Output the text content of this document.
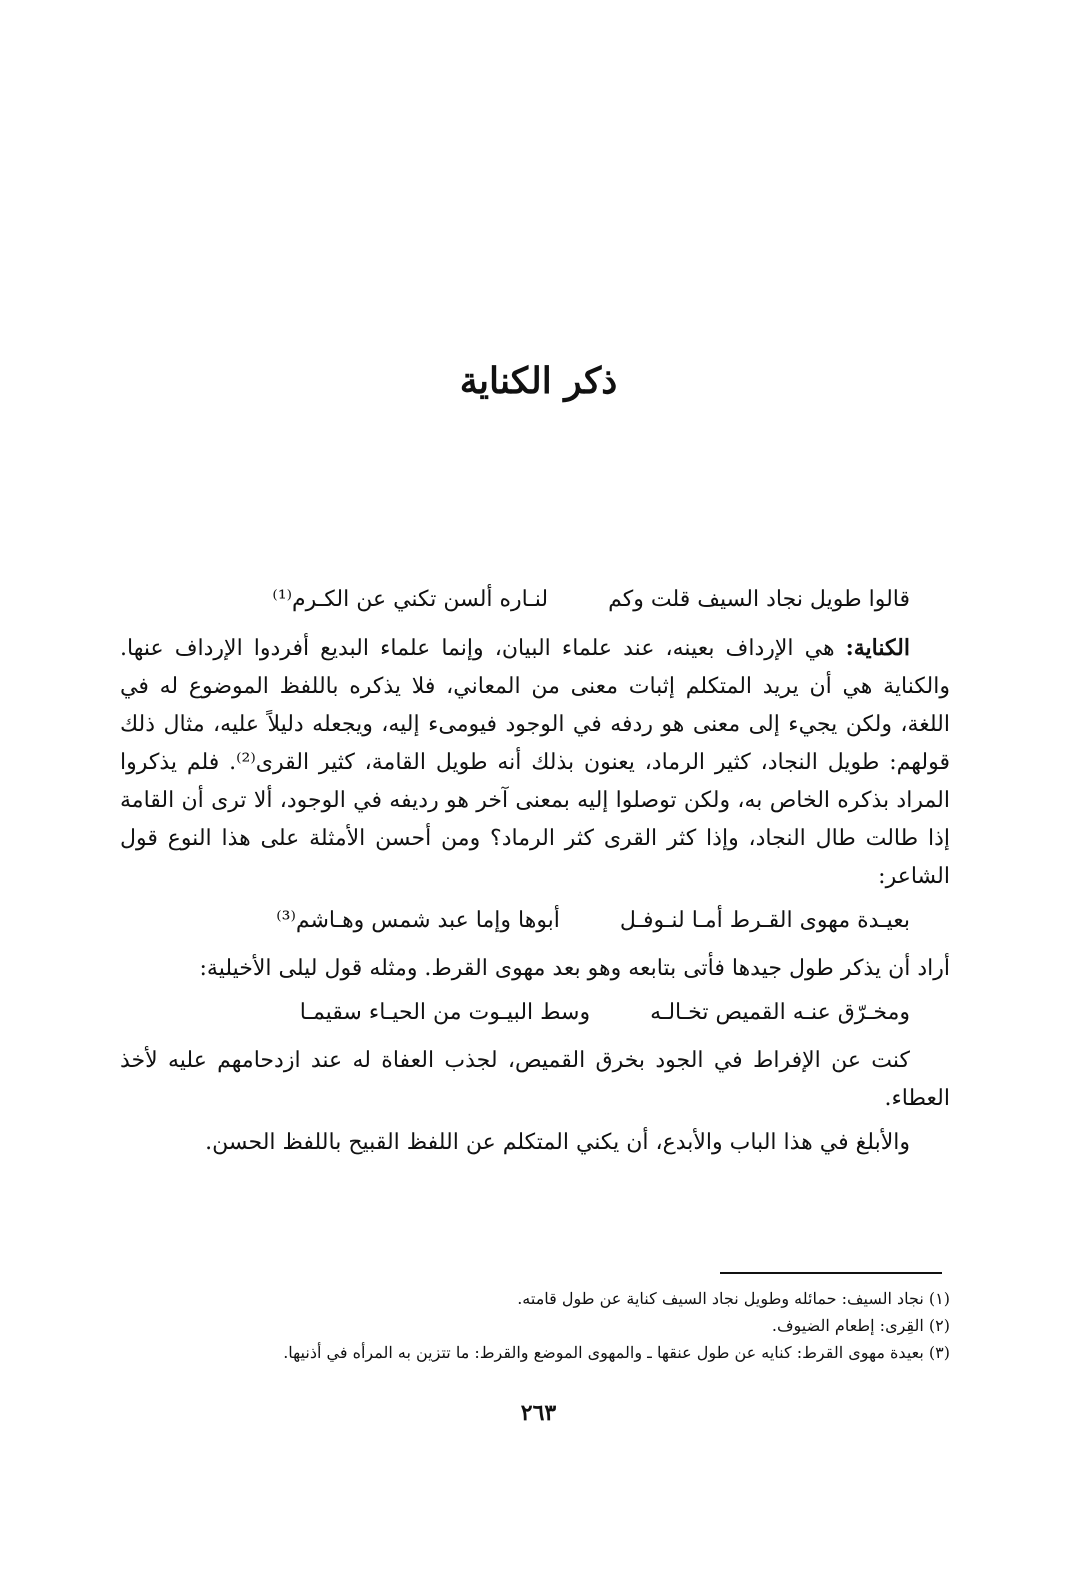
ذكر الكناية
قالوا طويل نجاد السيف قلت وكم
لنـاره ألسن تكني عن الكـرم⁽¹⁾

الكناية: هي الإرداف بعينه، عند علماء البيان، وإنما علماء البديع أفردوا الإرداف عنها. والكناية هي أن يريد المتكلم إثبات معنى من المعاني، فلا يذكره باللفظ الموضوع له في اللغة، ولكن يجيء إلى معنى هو ردفه في الوجود فيومىء إليه، ويجعله دليلاً عليه، مثال ذلك قولهم: طويل النجاد، كثير الرماد، يعنون بذلك أنه طويل القامة، كثير القرى⁽²⁾. فلم يذكروا المراد بذكره الخاص به، ولكن توصلوا إليه بمعنى آخر هو رديفه في الوجود، ألا ترى أن القامة إذا طالت طال النجاد، وإذا كثر القرى كثر الرماد؟ ومن أحسن الأمثلة على هذا النوع قول الشاعر:

بعيـدة مهوى القـرط أمـا لنـوفـل
أبوها وإما عبد شمس وهـاشم⁽³⁾

أراد أن يذكر طول جيدها فأتى بتابعه وهو بعد مهوى القرط. ومثله قول ليلى الأخيلية:

ومخـرّق عنـه القميص تخـالـه
وسط البيـوت من الحيـاء سقيمـا

كنت عن الإفراط في الجود بخرق القميص، لجذب العفاة له عند ازدحامهم عليه لأخذ العطاء.

والأبلغ في هذا الباب والأبدع، أن يكني المتكلم عن اللفظ القبيح باللفظ الحسن.

(١) نجاد السيف: حمائله وطويل نجاد السيف كناية عن طول قامته.

(٢) القِرى: إطعام الضيوف.

(٣) بعيدة مهوى القرط: كنايه عن طول عنقها ـ والمهوى الموضع والقرط: ما تتزين به المرأه في أذنيها.

٢٦٣
